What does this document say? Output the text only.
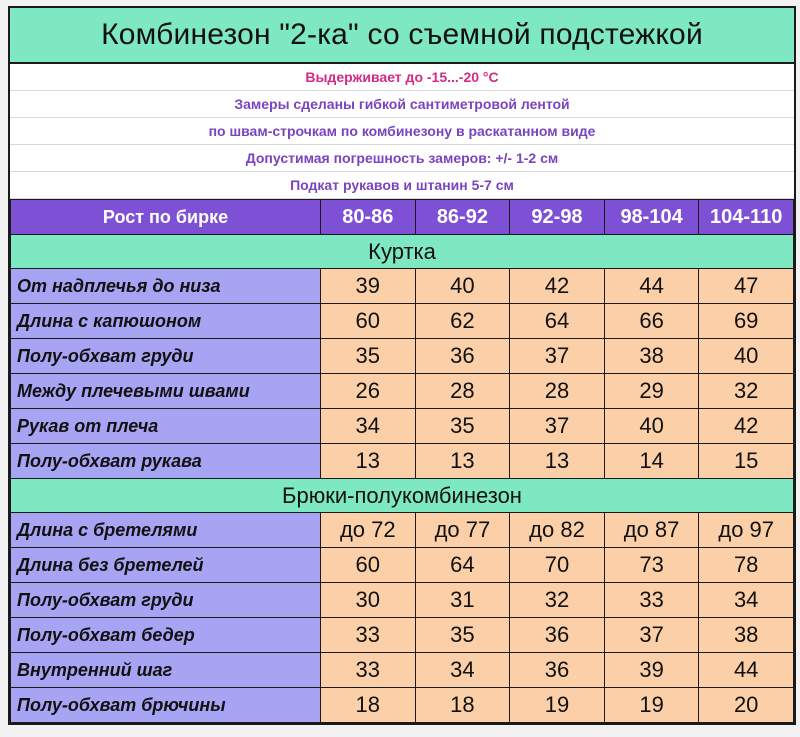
Комбинезон "2-ка" со съемной подстежкой
Выдерживает до -15...-20 °С
Замеры сделаны гибкой сантиметровой лентой
по швам-строчкам по комбинезону в раскатанном виде
Допустимая погрешность замеров: +/- 1-2 см
Подкат рукавов и штанин 5-7 см
Рост по бирке	80-86	86-92	92-98	98-104	104-110
Куртка					
От надплечья до низа	39	40	42	44	47
Длина с капюшоном	60	62	64	66	69
Полу-обхват груди	35	36	37	38	40
Между плечевыми швами	26	28	28	29	32
Рукав от плеча	34	35	37	40	42
Полу-обхват рукава	13	13	13	14	15
Брюки-полукомбинезон					
Длина с бретелями	до 72	до 77	до 82	до 87	до 97
Длина без бретелей	60	64	70	73	78
Полу-обхват груди	30	31	32	33	34
Полу-обхват бедер	33	35	36	37	38
Внутренний шаг	33	34	36	39	44
Полу-обхват брючины	18	18	19	19	20
